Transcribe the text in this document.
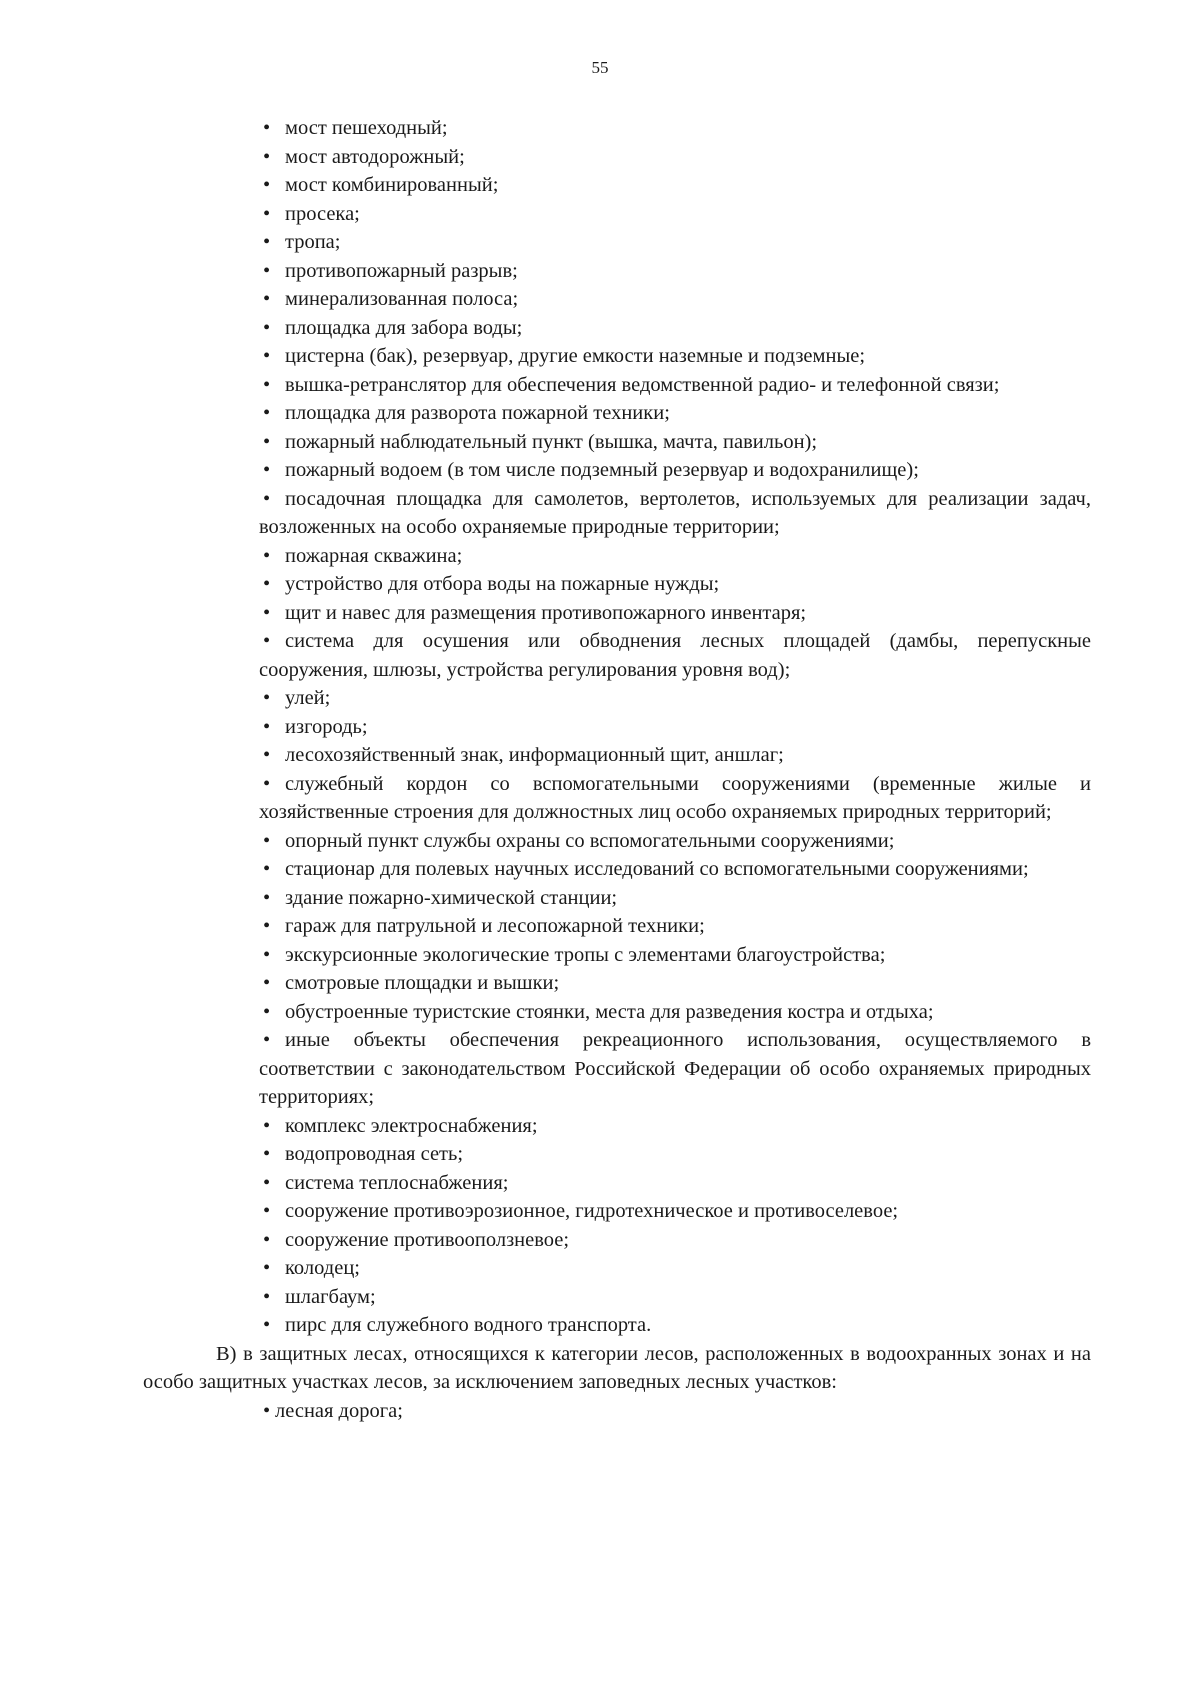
55
• мост пешеходный;
• мост автодорожный;
• мост комбинированный;
• просека;
• тропа;
• противопожарный разрыв;
• минерализованная полоса;
• площадка для забора воды;
• цистерна (бак), резервуар, другие емкости наземные и подземные;
• вышка-ретранслятор для обеспечения ведомственной радио- и телефонной связи;
• площадка для разворота пожарной техники;
• пожарный наблюдательный пункт (вышка, мачта, павильон);
• пожарный водоем (в том числе подземный резервуар и водохранилище);
• посадочная площадка для самолетов, вертолетов, используемых для реализации задач, возложенных на особо охраняемые природные территории;
• пожарная скважина;
• устройство для отбора воды на пожарные нужды;
• щит и навес для размещения противопожарного инвентаря;
• система для осушения или обводнения лесных площадей (дамбы, перепускные сооружения, шлюзы, устройства регулирования уровня вод);
• улей;
• изгородь;
• лесохозяйственный знак, информационный щит, аншлаг;
• служебный кордон со вспомогательными сооружениями (временные жилые и хозяйственные строения для должностных лиц особо охраняемых природных территорий;
• опорный пункт службы охраны со вспомогательными сооружениями;
• стационар для полевых научных исследований со вспомогательными сооружениями;
• здание пожарно-химической станции;
• гараж для патрульной и лесопожарной техники;
• экскурсионные экологические тропы с элементами благоустройства;
• смотровые площадки и вышки;
• обустроенные туристские стоянки, места для разведения костра и отдыха;
• иные объекты обеспечения рекреационного использования, осуществляемого в соответствии с законодательством Российской Федерации об особо охраняемых природных территориях;
• комплекс электроснабжения;
• водопроводная сеть;
• система теплоснабжения;
• сооружение противоэрозионное, гидротехническое и противоселевое;
• сооружение противооползневое;
• колодец;
• шлагбаум;
• пирс для служебного водного транспорта.

В) в защитных лесах, относящихся к категории лесов, расположенных в водоохранных зонах и на особо защитных участках лесов, за исключением заповедных лесных участков:

• лесная дорога;
